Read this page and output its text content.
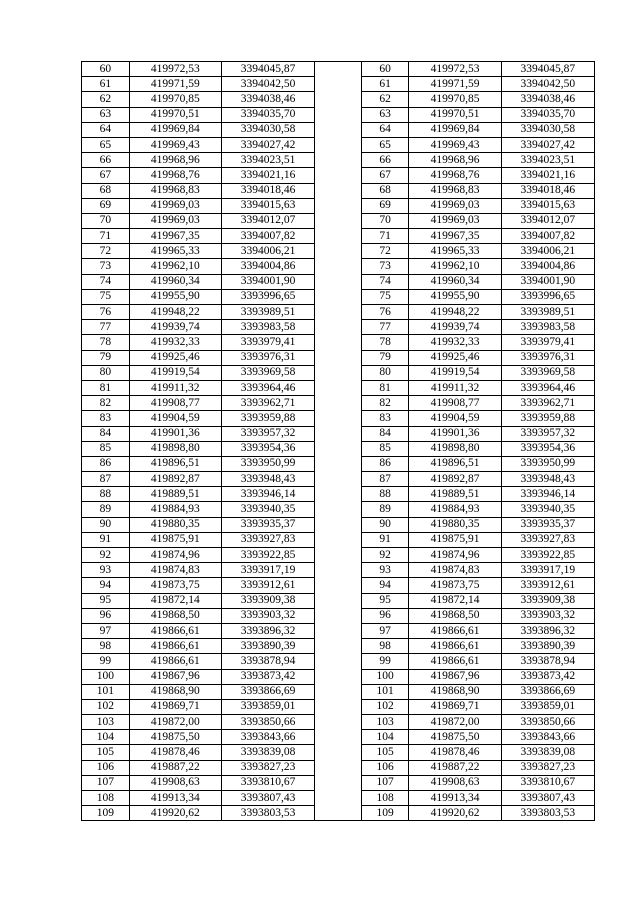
60	419972,53	3394045,87		60	419972,53	3394045,87
61	419971,59	3394042,50		61	419971,59	3394042,50
62	419970,85	3394038,46		62	419970,85	3394038,46
63	419970,51	3394035,70		63	419970,51	3394035,70
64	419969,84	3394030,58		64	419969,84	3394030,58
65	419969,43	3394027,42		65	419969,43	3394027,42
66	419968,96	3394023,51		66	419968,96	3394023,51
67	419968,76	3394021,16		67	419968,76	3394021,16
68	419968,83	3394018,46		68	419968,83	3394018,46
69	419969,03	3394015,63		69	419969,03	3394015,63
70	419969,03	3394012,07		70	419969,03	3394012,07
71	419967,35	3394007,82		71	419967,35	3394007,82
72	419965,33	3394006,21		72	419965,33	3394006,21
73	419962,10	3394004,86		73	419962,10	3394004,86
74	419960,34	3394001,90		74	419960,34	3394001,90
75	419955,90	3393996,65		75	419955,90	3393996,65
76	419948,22	3393989,51		76	419948,22	3393989,51
77	419939,74	3393983,58		77	419939,74	3393983,58
78	419932,33	3393979,41		78	419932,33	3393979,41
79	419925,46	3393976,31		79	419925,46	3393976,31
80	419919,54	3393969,58		80	419919,54	3393969,58
81	419911,32	3393964,46		81	419911,32	3393964,46
82	419908,77	3393962,71		82	419908,77	3393962,71
83	419904,59	3393959,88		83	419904,59	3393959,88
84	419901,36	3393957,32		84	419901,36	3393957,32
85	419898,80	3393954,36		85	419898,80	3393954,36
86	419896,51	3393950,99		86	419896,51	3393950,99
87	419892,87	3393948,43		87	419892,87	3393948,43
88	419889,51	3393946,14		88	419889,51	3393946,14
89	419884,93	3393940,35		89	419884,93	3393940,35
90	419880,35	3393935,37		90	419880,35	3393935,37
91	419875,91	3393927,83		91	419875,91	3393927,83
92	419874,96	3393922,85		92	419874,96	3393922,85
93	419874,83	3393917,19		93	419874,83	3393917,19
94	419873,75	3393912,61		94	419873,75	3393912,61
95	419872,14	3393909,38		95	419872,14	3393909,38
96	419868,50	3393903,32		96	419868,50	3393903,32
97	419866,61	3393896,32		97	419866,61	3393896,32
98	419866,61	3393890,39		98	419866,61	3393890,39
99	419866,61	3393878,94		99	419866,61	3393878,94
100	419867,96	3393873,42		100	419867,96	3393873,42
101	419868,90	3393866,69		101	419868,90	3393866,69
102	419869,71	3393859,01		102	419869,71	3393859,01
103	419872,00	3393850,66		103	419872,00	3393850,66
104	419875,50	3393843,66		104	419875,50	3393843,66
105	419878,46	3393839,08		105	419878,46	3393839,08
106	419887,22	3393827,23		106	419887,22	3393827,23
107	419908,63	3393810,67		107	419908,63	3393810,67
108	419913,34	3393807,43		108	419913,34	3393807,43
109	419920,62	3393803,53		109	419920,62	3393803,53
